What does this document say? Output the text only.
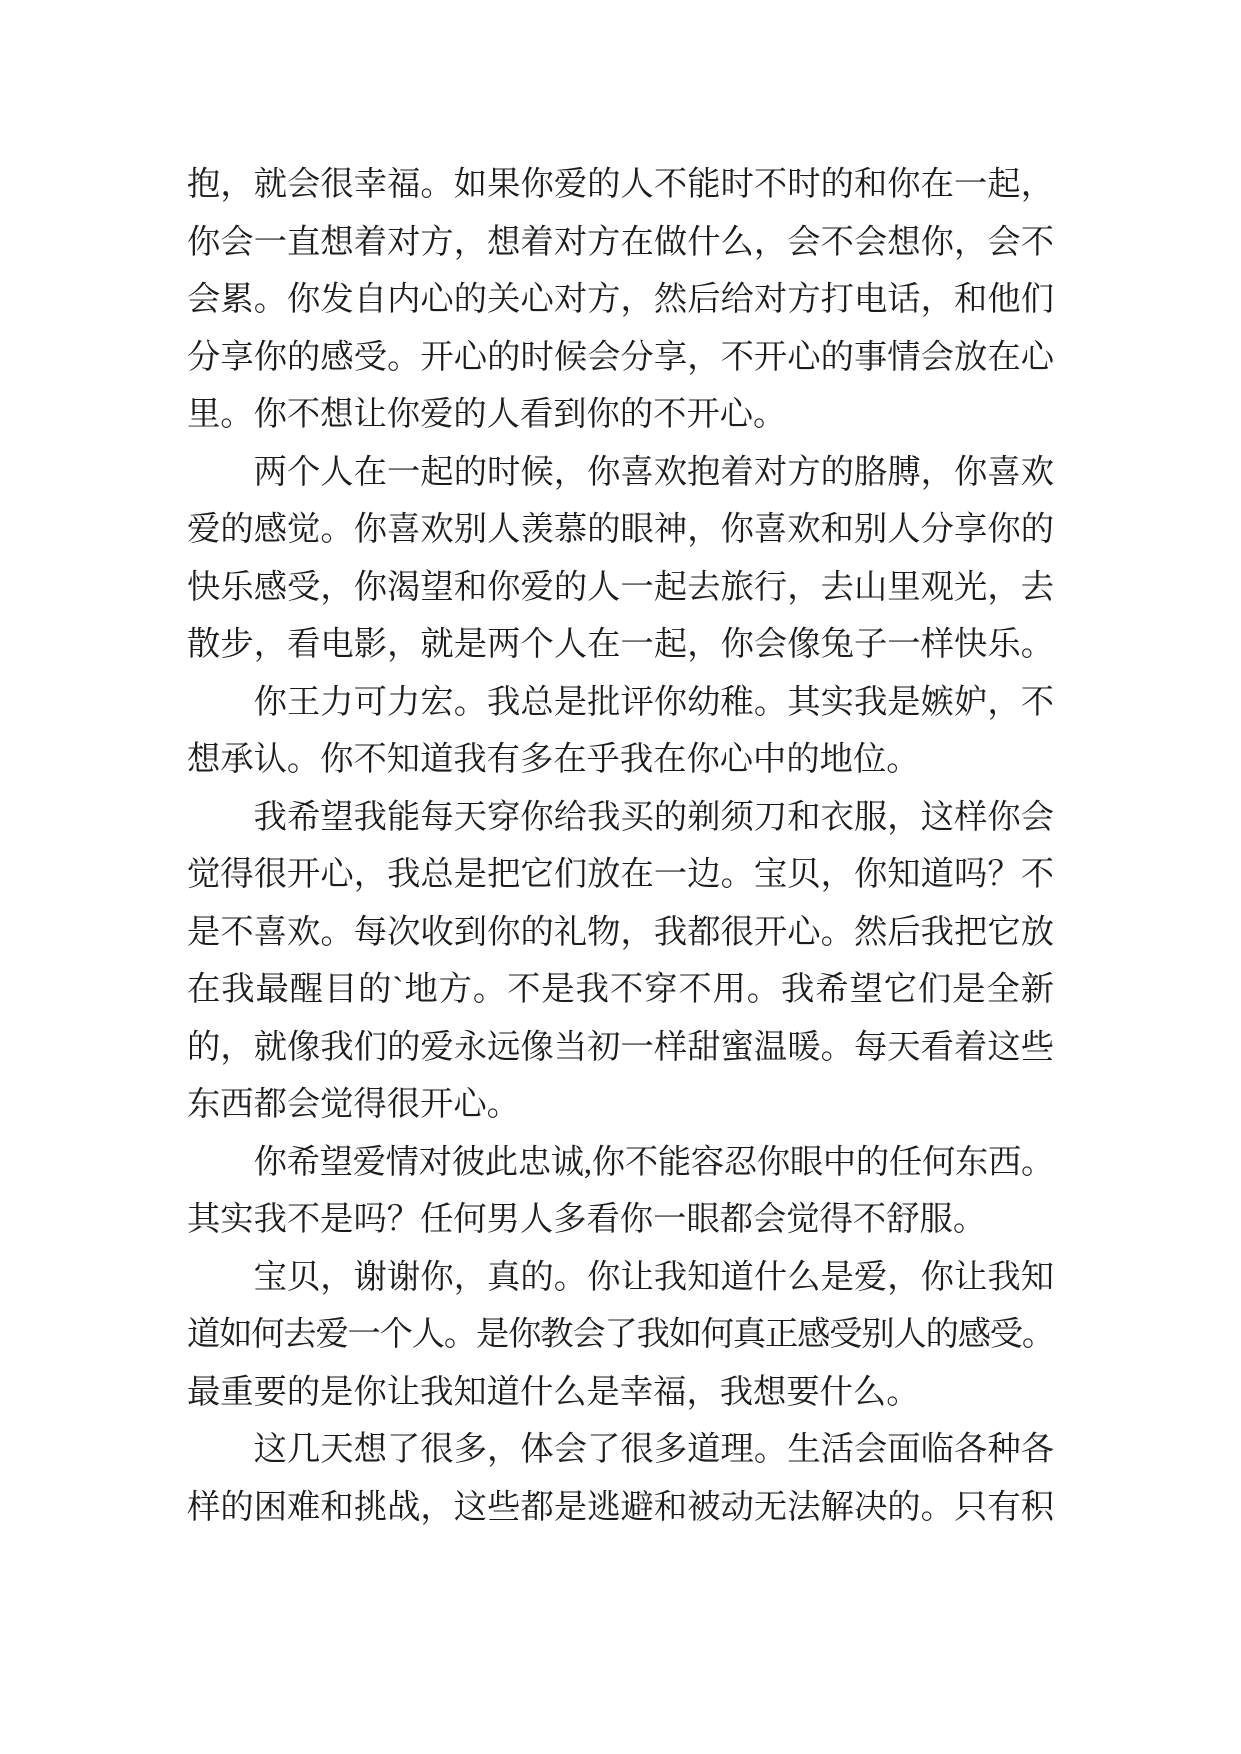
抱，就会很幸福。如果你爱的人不能时不时的和你在一起，
你会一直想着对方，想着对方在做什么，会不会想你，会不
会累。你发自内心的关心对方，然后给对方打电话，和他们
分享你的感受。开心的时候会分享，不开心的事情会放在心
里。你不想让你爱的人看到你的不开心。
两个人在一起的时候，你喜欢抱着对方的胳膊，你喜欢
爱的感觉。你喜欢别人羡慕的眼神，你喜欢和别人分享你的
快乐感受，你渴望和你爱的人一起去旅行，去山里观光，去
散步，看电影，就是两个人在一起，你会像兔子一样快乐。
你王力可力宏。我总是批评你幼稚。其实我是嫉妒，不
想承认。你不知道我有多在乎我在你心中的地位。
我希望我能每天穿你给我买的剃须刀和衣服，这样你会
觉得很开心，我总是把它们放在一边。宝贝，你知道吗？不
是不喜欢。每次收到你的礼物，我都很开心。然后我把它放
在我最醒目的`地方。不是我不穿不用。我希望它们是全新
的，就像我们的爱永远像当初一样甜蜜温暖。每天看着这些
东西都会觉得很开心。
你希望爱情对彼此忠诚,你不能容忍你眼中的任何东西。
其实我不是吗？任何男人多看你一眼都会觉得不舒服。
宝贝，谢谢你，真的。你让我知道什么是爱，你让我知
道如何去爱一个人。是你教会了我如何真正感受别人的感受。
最重要的是你让我知道什么是幸福，我想要什么。
这几天想了很多，体会了很多道理。生活会面临各种各
样的困难和挑战，这些都是逃避和被动无法解决的。只有积
